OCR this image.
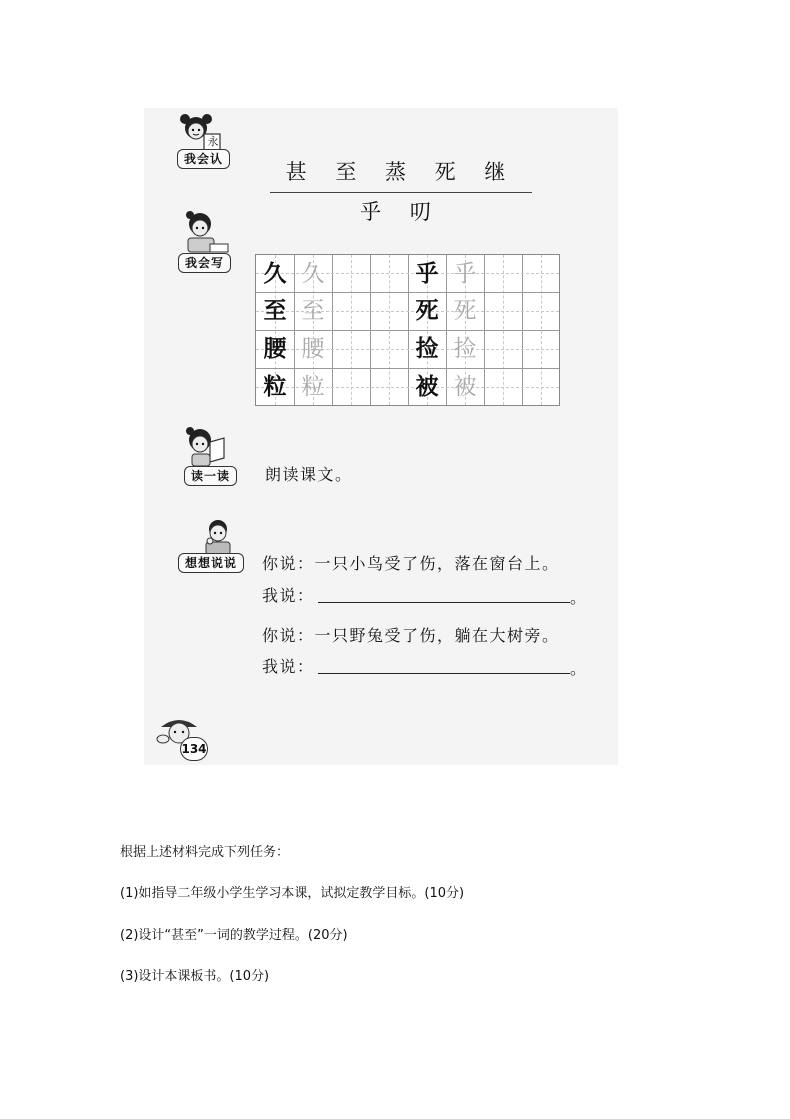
永
我会认
甚 至 蒸 死 继 乎 叨
我会写	久 久	乎 乎
至 至	死 死
腰 腰	捡 捡
粒 粒	被 被
读一读	朗读课文。
想想说说	你说：一只小鸟受了伤，落在窗台上。
我说：	。
你说：一只野兔受了伤，躺在大树旁。
我说：	。
134
根据上述材料完成下列任务：
(1)如指导二年级小学生学习本课，试拟定教学目标。(10分)
(2)设计“甚至”一词的教学过程。(20分)
(3)设计本课板书。(10分)
